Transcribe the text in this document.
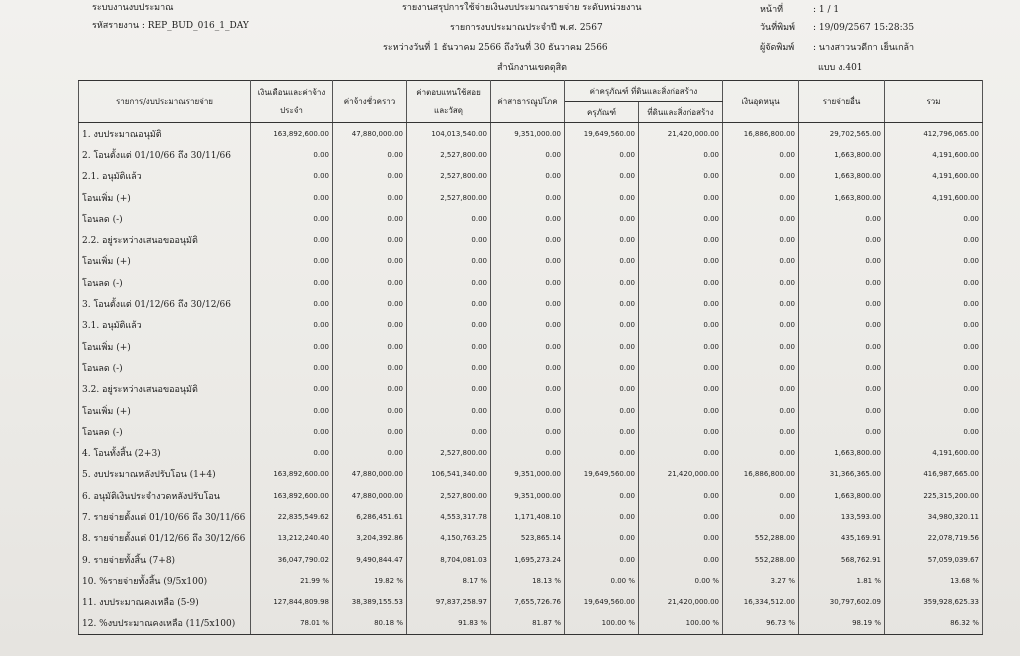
ระบบงานงบประมาณ
รหัสรายงาน : REP_BUD_016_1_DAY
รายงานสรุปการใช้จ่ายเงินงบประมาณรายจ่าย ระดับหน่วยงาน
รายการงบประมาณประจำปี พ.ศ. 2567
ระหว่างวันที่ 1 ธันวาคม 2566 ถึงวันที่ 30 ธันวาคม 2566
สำนักงานเขตดุสิต
หน้าที่	: 1 / 1
วันที่พิมพ์ : 19/09/2567 15:28:35
ผู้จัดพิมพ์ : นางสาวนวดีกา เย็นเกล้า
แบบ ง.401
รายการ/งบประมาณรายจ่าย	เงินเดือนและค่าจ้างประจำ	ค่าจ้างชั่วคราว	ค่าตอบแทนใช้สอยและวัสดุ	ค่าสาธารณูปโภค	ค่าครุภัณฑ์ ที่ดินและสิ่งก่อสร้าง		เงินอุดหนุน	รายจ่ายอื่น	รวม
					ครุภัณฑ์	ที่ดินและสิ่งก่อสร้าง			
1. งบประมาณอนุมัติ	163,892,600.00	47,880,000.00	104,013,540.00	9,351,000.00	19,649,560.00	21,420,000.00	16,886,800.00	29,702,565.00	412,796,065.00
2. โอนตั้งแต่ 01/10/66 ถึง 30/11/66	0.00	0.00	2,527,800.00	0.00	0.00	0.00	0.00	1,663,800.00	4,191,600.00
2.1. อนุมัติแล้ว	0.00	0.00	2,527,800.00	0.00	0.00	0.00	0.00	1,663,800.00	4,191,600.00
โอนเพิ่ม (+)	0.00	0.00	2,527,800.00	0.00	0.00	0.00	0.00	1,663,800.00	4,191,600.00
โอนลด (-)	0.00	0.00	0.00	0.00	0.00	0.00	0.00	0.00	0.00
2.2. อยู่ระหว่างเสนอขออนุมัติ	0.00	0.00	0.00	0.00	0.00	0.00	0.00	0.00	0.00
โอนเพิ่ม (+)	0.00	0.00	0.00	0.00	0.00	0.00	0.00	0.00	0.00
โอนลด (-)	0.00	0.00	0.00	0.00	0.00	0.00	0.00	0.00	0.00
3. โอนตั้งแต่ 01/12/66 ถึง 30/12/66	0.00	0.00	0.00	0.00	0.00	0.00	0.00	0.00	0.00
3.1. อนุมัติแล้ว	0.00	0.00	0.00	0.00	0.00	0.00	0.00	0.00	0.00
โอนเพิ่ม (+)	0.00	0.00	0.00	0.00	0.00	0.00	0.00	0.00	0.00
โอนลด (-)	0.00	0.00	0.00	0.00	0.00	0.00	0.00	0.00	0.00
3.2. อยู่ระหว่างเสนอขออนุมัติ	0.00	0.00	0.00	0.00	0.00	0.00	0.00	0.00	0.00
โอนเพิ่ม (+)	0.00	0.00	0.00	0.00	0.00	0.00	0.00	0.00	0.00
โอนลด (-)	0.00	0.00	0.00	0.00	0.00	0.00	0.00	0.00	0.00
4. โอนทั้งสิ้น (2+3)	0.00	0.00	2,527,800.00	0.00	0.00	0.00	0.00	1,663,800.00	4,191,600.00
5. งบประมาณหลังปรับโอน (1+4)	163,892,600.00	47,880,000.00	106,541,340.00	9,351,000.00	19,649,560.00	21,420,000.00	16,886,800.00	31,366,365.00	416,987,665.00
6. อนุมัติเงินประจำงวดหลังปรับโอน	163,892,600.00	47,880,000.00	2,527,800.00	9,351,000.00	0.00	0.00	0.00	1,663,800.00	225,315,200.00
7. รายจ่ายตั้งแต่ 01/10/66 ถึง 30/11/66	22,835,549.62	6,286,451.61	4,553,317.78	1,171,408.10	0.00	0.00	0.00	133,593.00	34,980,320.11
8. รายจ่ายตั้งแต่ 01/12/66 ถึง 30/12/66	13,212,240.40	3,204,392.86	4,150,763.25	523,865.14	0.00	0.00	552,288.00	435,169.91	22,078,719.56
9. รายจ่ายทั้งสิ้น (7+8)	36,047,790.02	9,490,844.47	8,704,081.03	1,695,273.24	0.00	0.00	552,288.00	568,762.91	57,059,039.67
10. %รายจ่ายทั้งสิ้น (9/5x100)	21.99 %	19.82 %	8.17 %	18.13 %	0.00 %	0.00 %	3.27 %	1.81 %	13.68 %
11. งบประมาณคงเหลือ (5-9)	127,844,809.98	38,389,155.53	97,837,258.97	7,655,726.76	19,649,560.00	21,420,000.00	16,334,512.00	30,797,602.09	359,928,625.33
12. %งบประมาณคงเหลือ (11/5x100)	78.01 %	80.18 %	91.83 %	81.87 %	100.00 %	100.00 %	96.73 %	98.19 %	86.32 %
